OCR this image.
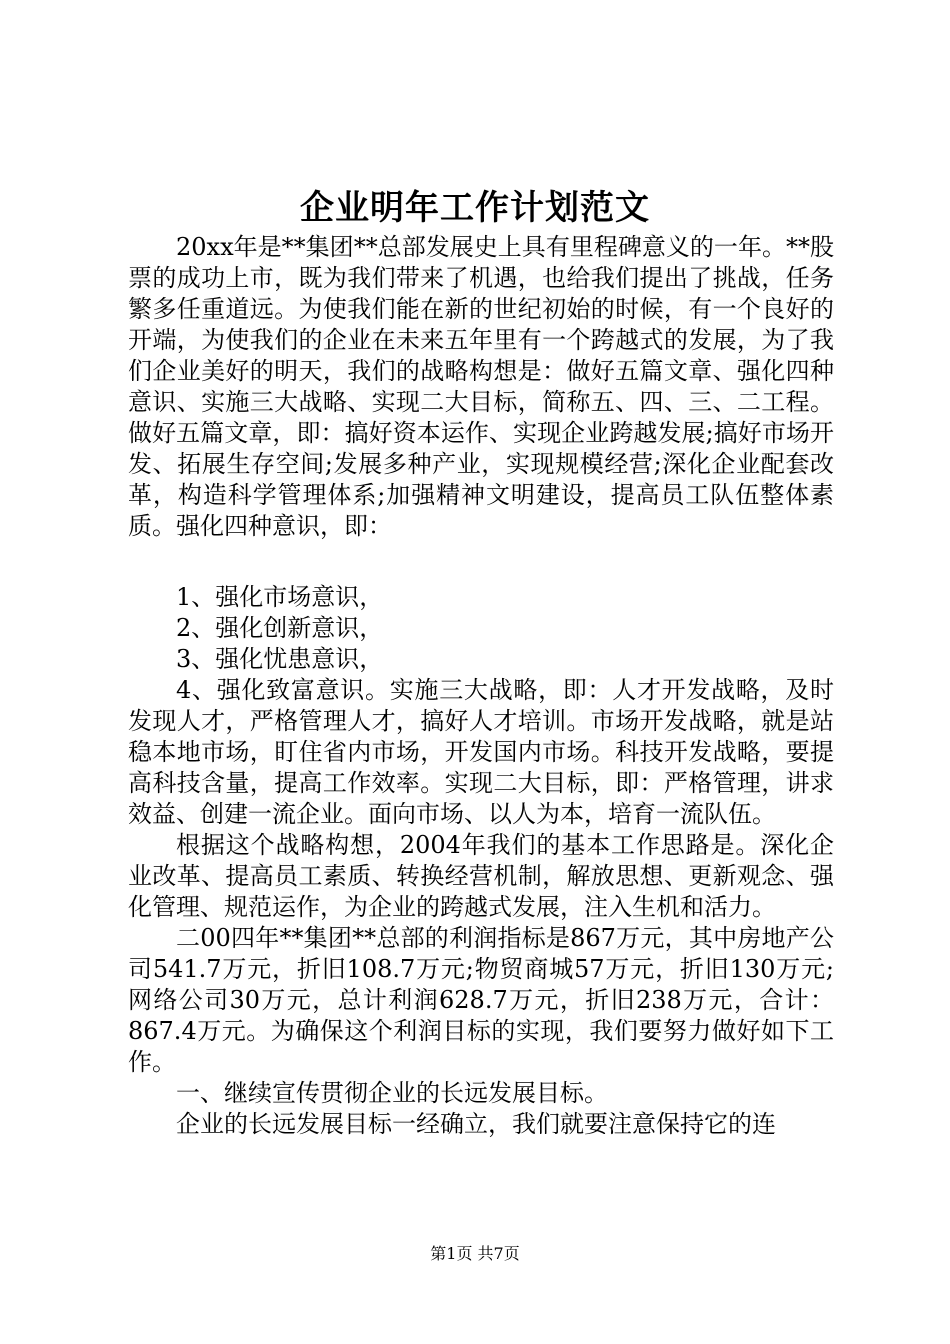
企业明年工作计划范文

20xx年是**集团**总部发展史上具有里程碑意义的一年。**股票的成功上市，既为我们带来了机遇，也给我们提出了挑战，任务繁多任重道远。为使我们能在新的世纪初始的时候，有一个良好的开端，为使我们的企业在未来五年里有一个跨越式的发展，为了我们企业美好的明天，我们的战略构想是：做好五篇文章、强化四种意识、实施三大战略、实现二大目标，简称五、四、三、二工程。做好五篇文章，即：搞好资本运作、实现企业跨越发展;搞好市场开发、拓展生存空间;发展多种产业，实现规模经营;深化企业配套改革，构造科学管理体系;加强精神文明建设，提高员工队伍整体素质。强化四种意识，即：

1、强化市场意识，

2、强化创新意识，

3、强化忧患意识，

4、强化致富意识。实施三大战略，即：人才开发战略，及时发现人才，严格管理人才，搞好人才培训。市场开发战略，就是站稳本地市场，盯住省内市场，开发国内市场。科技开发战略，要提高科技含量，提高工作效率。实现二大目标，即：严格管理，讲求效益、创建一流企业。面向市场、以人为本，培育一流队伍。

根据这个战略构想，2004年我们的基本工作思路是。深化企业改革、提高员工素质、转换经营机制，解放思想、更新观念、强化管理、规范运作，为企业的跨越式发展，注入生机和活力。

二00四年**集团**总部的利润指标是867万元，其中房地产公司541.7万元，折旧108.7万元;物贸商城57万元，折旧130万元;网络公司30万元，总计利润628.7万元，折旧238万元，合计：867.4万元。为确保这个利润目标的实现，我们要努力做好如下工作。

一、继续宣传贯彻企业的长远发展目标。

企业的长远发展目标一经确立，我们就要注意保持它的连

第1页 共7页
